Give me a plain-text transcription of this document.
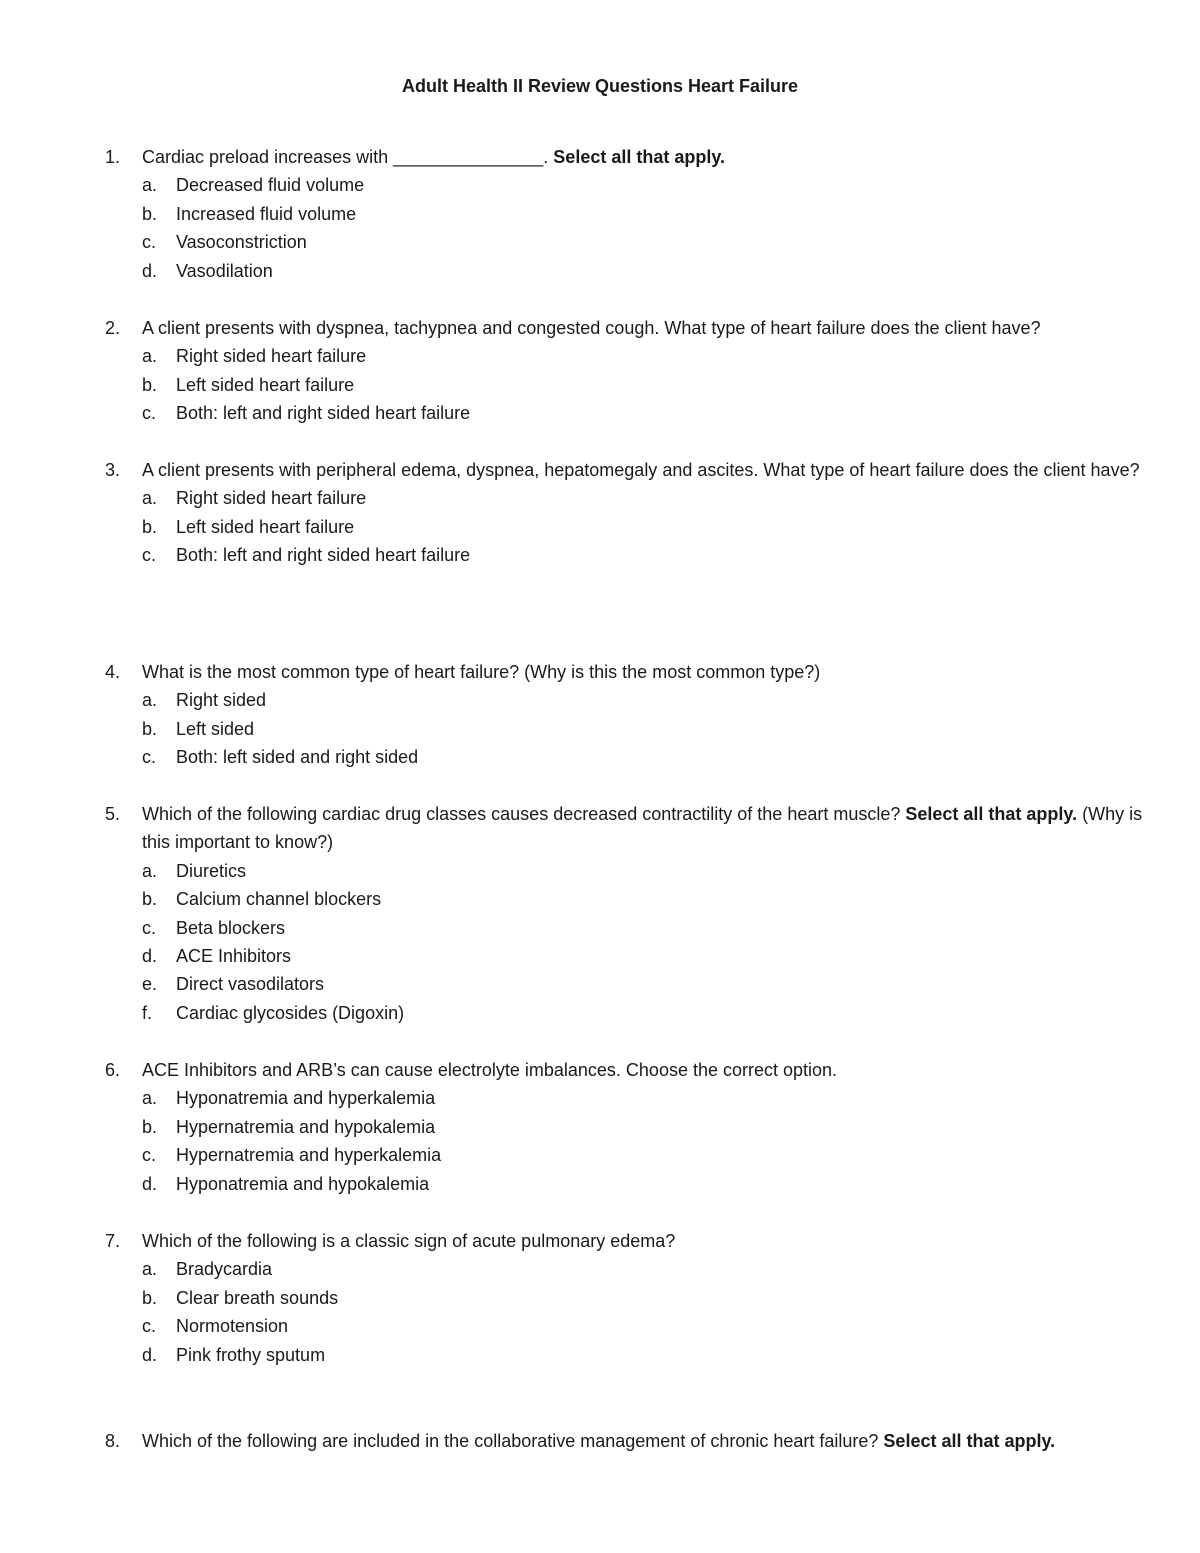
Adult Health II Review Questions Heart Failure
1. Cardiac preload increases with _______________. Select all that apply.
a. Decreased fluid volume
b. Increased fluid volume
c. Vasoconstriction
d. Vasodilation
2. A client presents with dyspnea, tachypnea and congested cough. What type of heart failure does the client have?
a. Right sided heart failure
b. Left sided heart failure
c. Both: left and right sided heart failure
3. A client presents with peripheral edema, dyspnea, hepatomegaly and ascites. What type of heart failure does the client have?
a. Right sided heart failure
b. Left sided heart failure
c. Both: left and right sided heart failure
4. What is the most common type of heart failure? (Why is this the most common type?)
a. Right sided
b. Left sided
c. Both: left sided and right sided
5. Which of the following cardiac drug classes causes decreased contractility of the heart muscle? Select all that apply. (Why is this important to know?)
a. Diuretics
b. Calcium channel blockers
c. Beta blockers
d. ACE Inhibitors
e. Direct vasodilators
f. Cardiac glycosides (Digoxin)
6. ACE Inhibitors and ARB’s can cause electrolyte imbalances. Choose the correct option.
a. Hyponatremia and hyperkalemia
b. Hypernatremia and hypokalemia
c. Hypernatremia and hyperkalemia
d. Hyponatremia and hypokalemia
7. Which of the following is a classic sign of acute pulmonary edema?
a. Bradycardia
b. Clear breath sounds
c. Normotension
d. Pink frothy sputum
8. Which of the following are included in the collaborative management of chronic heart failure? Select all that apply.
